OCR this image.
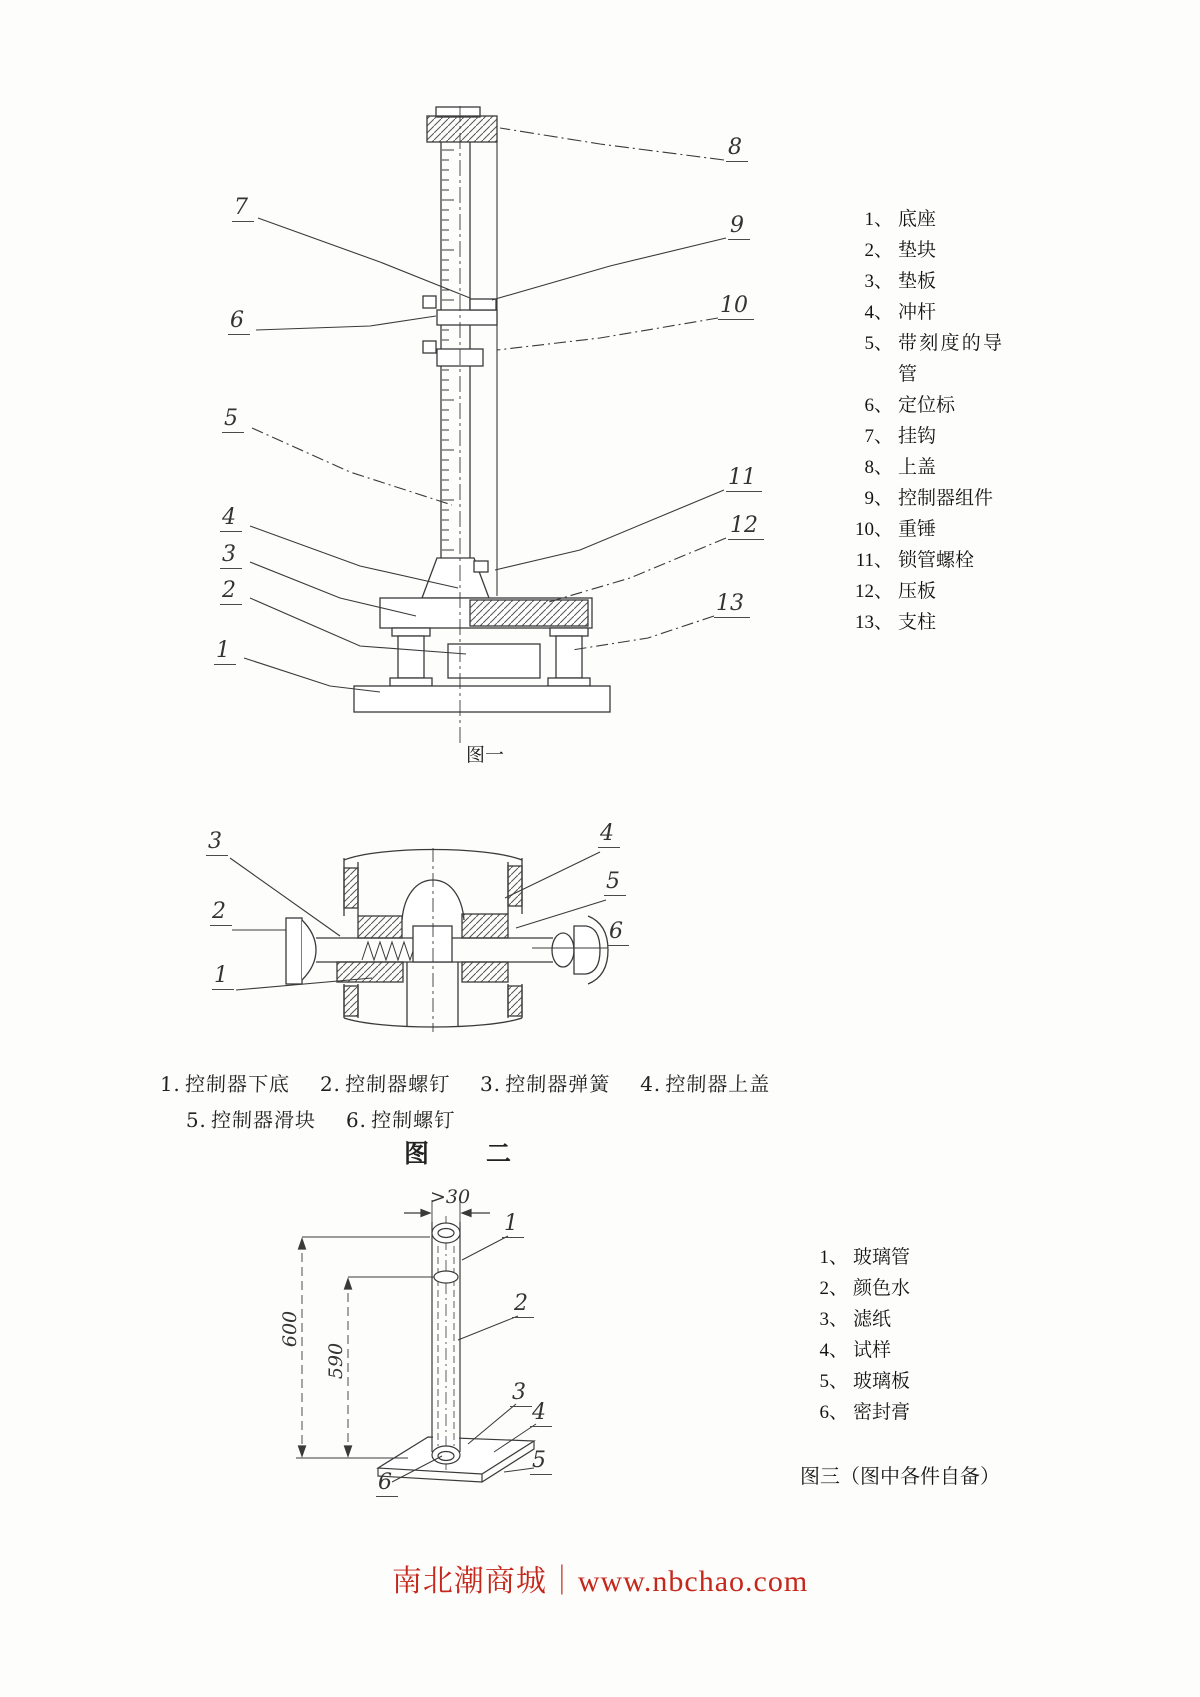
1
2
3
4
5
6
7
8
9
10
11
12
13
1、 底座
2、 垫块
3、 垫板
4、 冲杆
5、 带刻度的导管
6、 定位标
7、 挂钩
8、 上盖
9、 控制器组件
10、 重锤
11、 锁管螺栓
12、 压板
13、 支柱
图一
3
2
1
4
5
6
1. 控制器下底 2. 控制器螺钉 3. 控制器弹簧 4. 控制器上盖
5. 控制器滑块 6. 控制螺钉
图　二
>30
600
590
1
2
3
4
5
6
1、 玻璃管
2、 颜色水
3、 滤纸
4、 试样
5、 玻璃板
6、 密封膏
图三（图中各件自备）
南北潮商城｜www.nbchao.com
